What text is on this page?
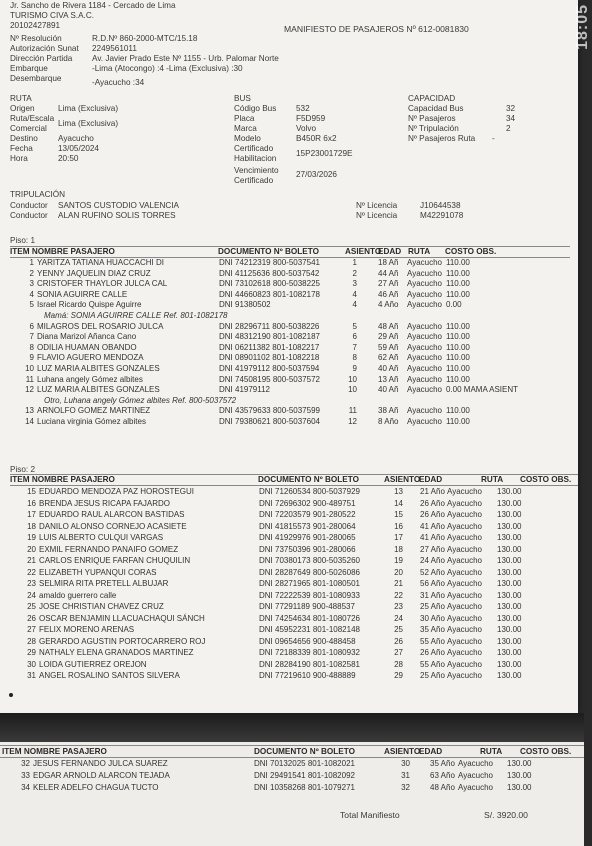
Jr. Sancho de Rivera 1184 - Cercado de Lima
TURISMO CIVA S.A.C.
20102427891	MANIFIESTO DE PASAJEROS Nº 612-0081830
Nº Resolución	R.D.Nº 860-2000-MTC/15.18
Autorización Sunat 2249561011
Dirección Partida Av. Javier Prado Este Nº 1155 - Urb. Palomar Norte
Embarque	-Lima (Atocongo) :4 -Lima (Exclusiva) :30
Desembarque	-Ayacucho :34
RUTA
Origen	Lima (Exclusiva)
Ruta/Escala Comercial
Lima (Exclusiva)
Destino Ayacucho
Fecha	13/05/2024
Hora	20:50
BUS
Código Bus 532
Placa	F5D959
Marca	Volvo
Modelo	B450R 6x2
Certificado Habilitacion
15P23001729E
Vencimiento Certificado
27/03/2026
CAPACIDAD
Capacidad Bus	32
Nº Pasajeros	34
Nº Tripulación	2
Nº Pasajeros Ruta -
TRIPULACIÓN
Conductor SANTOS CUSTODIO VALENCIA	Nº Licencia	J10644538
Conductor ALAN RUFINO SOLIS TORRES	Nº Licencia	M42291078
Piso: 1
ITEM NOMBRE PASAJERO	DOCUMENTO Nº BOLETO	ASIENTO
EDAD RUTA COSTO OBS.
1 YARITZA TATIANA HUACCACHI DI	DNI 74212319 800-5037541	1	18 Añ Ayacucho 110.00
2 YENNY JAQUELIN DIAZ CRUZ	DNI 41125636 800-5037542	2	44 Añ Ayacucho 110.00
3 CRISTOFER THAYLOR JULCA CAL	DNI 73102618 800-5038225	3	27 Añ Ayacucho 110.00
4 SONIA AGUIRRE CALLE	DNI 44660823 801-1082178	4	46 Añ Ayacucho 110.00
5 Israel Ricardo Quispe Aguirre	DNI 91380502	4	4 Año Ayacucho 0.00
Mamá: SONIA AGUIRRE CALLE Ref. 801-1082178
6 MILAGROS DEL ROSARIO JULCA	DNI 28296711 800-5038226	5	48 Añ Ayacucho 110.00
7 Diana Marizol Añanca Cano	DNI 48312190 801-1082187	6	29 Añ Ayacucho 110.00
8 ODILIA HUAMAN OBANDO	DNI 06211382 801-1082217	7	59 Añ Ayacucho 110.00
9 FLAVIO AGUERO MENDOZA	DNI 08901102 801-1082218	8	62 Añ Ayacucho 110.00
10 LUZ MARIA ALBITES GONZALES	DNI 41979112 800-5037594	9	40 Añ Ayacucho 110.00
11 Luhana angely Gómez albites	DNI 74508195 800-5037572	10	13 Añ Ayacucho 110.00
12 LUZ MARIA ALBITES GONZALES	DNI 41979112	10	40 Añ Ayacucho 0.00 MAMA ASIENT
Otro, Luhana angely Gómez albites Ref. 800-5037572
13 ARNOLFO GOMEZ MARTINEZ	DNI 43579633 800-5037599	11	38 Añ Ayacucho 110.00
14 Luciana virginia Gómez albites	DNI 79380621 800-5037604	12	8 Año Ayacucho 110.00
Piso: 2
ITEM NOMBRE PASAJERO	DOCUMENTO Nº BOLETO	ASIENTO
EDAD	RUTA COSTO OBS.
15 EDUARDO MENDOZA PAZ HOROSTEGUI	DNI 71260534 800-5037929	13 21 Año Ayacucho 130.00
16 BRENDA JESUS RICAPA FAJARDO	DNI 72696302 900-489751	14 26 Año Ayacucho 130.00
17 EDUARDO RAUL ALARCON BASTIDAS	DNI 72203579 901-280522	15 26 Año Ayacucho 130.00
18 DANILO ALONSO CORNEJO ACASIETE	DNI 41815573 901-280064	16 41 Año Ayacucho 130.00
19 LUIS ALBERTO CULQUI VARGAS	DNI 41929976 901-280065	17 41 Año Ayacucho 130.00
20 EXMIL FERNANDO PANAIFO GOMEZ	DNI 73750396 901-280066	18 27 Año Ayacucho 130.00
21 CARLOS ENRIQUE FARFAN CHUQUILIN	DNI 70380173 800-5035260	19 24 Año Ayacucho 130.00
22 ELIZABETH YUPANQUI CORAS	DNI 28287649 800-5026086	20 52 Año Ayacucho 130.00
23 SELMIRA RITA PRETELL ALBUJAR	DNI 28271965 801-1080501	21 56 Año Ayacucho 130.00
24 amaldo guerrero calle	DNI 72222539 801-1080933	22 31 Año Ayacucho 130.00
25 JOSE CHRISTIAN CHAVEZ CRUZ	DNI 77291189 900-488537	23 25 Año Ayacucho 130.00
26 OSCAR BENJAMIN LLACUACHAQUI SÁNCH	DNI 74254634 801-1080726	24 30 Año Ayacucho 130.00
27 FELIX MORENO ARENAS	DNI 45952231 801-1082148	25 35 Año Ayacucho 130.00
28 GERARDO AGUSTIN PORTOCARRERO ROJ	DNI 09654656 900-488458	26 55 Año Ayacucho 130.00
29 NATHALY ELENA GRANADOS MARTINEZ	DNI 72188339 801-1080932	27 26 Año Ayacucho 130.00
30 LOIDA GUTIERREZ OREJON	DNI 28284190 801-1082581	28 55 Año Ayacucho 130.00
31 ANGEL ROSALINO SANTOS SILVERA	DNI 77219610 900-488889	29 25 Año Ayacucho 130.00
18:05
ITEM NOMBRE PASAJERO	DOCUMENTO Nº BOLETO	ASIENTO
EDAD	RUTA COSTO OBS.
32 JESUS FERNANDO JULCA SUAREZ	DNI 70132025 801-1082021	30	35 Año Ayacucho 130.00
33 EDGAR ARNOLD ALARCON TEJADA	DNI 29491541 801-1082092	31	63 Año Ayacucho 130.00
34 KELER ADELFO CHAGUA TUCTO	DNI 10358268 801-1079271	32	48 Año Ayacucho 130.00
Total Manifiesto	S/. 3920.00
